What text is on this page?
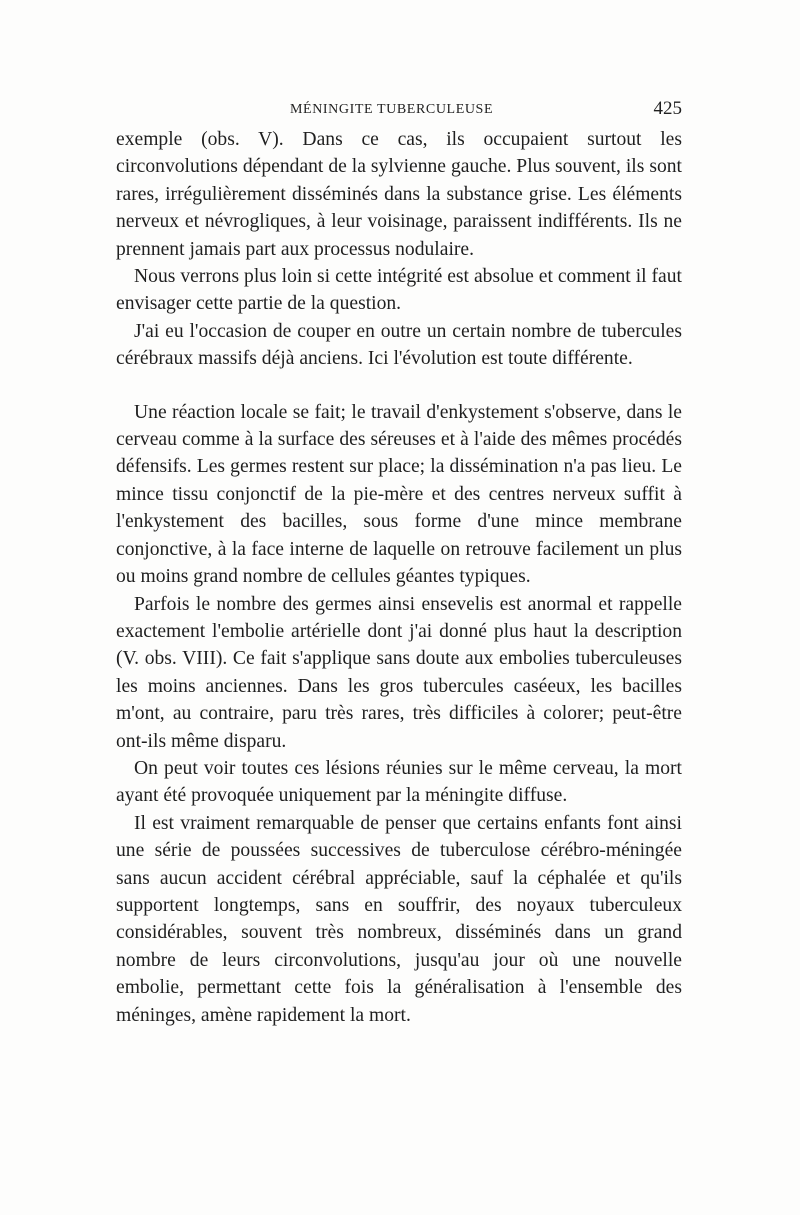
MÉNINGITE TUBERCULEUSE	425

exemple (obs. V). Dans ce cas, ils occupaient surtout les circonvolutions dépendant de la sylvienne gauche. Plus souvent, ils sont rares, irrégulièrement disséminés dans la substance grise. Les éléments nerveux et névrogliques, à leur voisinage, paraissent indifférents. Ils ne prennent jamais part aux processus nodulaire.

Nous verrons plus loin si cette intégrité est absolue et comment il faut envisager cette partie de la question.

J'ai eu l'occasion de couper en outre un certain nombre de tubercules cérébraux massifs déjà anciens. Ici l'évolution est toute différente.

Une réaction locale se fait; le travail d'enkystement s'observe, dans le cerveau comme à la surface des séreuses et à l'aide des mêmes procédés défensifs. Les germes restent sur place; la dissémination n'a pas lieu. Le mince tissu conjonctif de la pie-mère et des centres nerveux suffit à l'enkystement des bacilles, sous forme d'une mince membrane conjonctive, à la face interne de laquelle on retrouve facilement un plus ou moins grand nombre de cellules géantes typiques.

Parfois le nombre des germes ainsi ensevelis est anormal et rappelle exactement l'embolie artérielle dont j'ai donné plus haut la description (V. obs. VIII). Ce fait s'applique sans doute aux embolies tuberculeuses les moins anciennes. Dans les gros tubercules caséeux, les bacilles m'ont, au contraire, paru très rares, très difficiles à colorer; peut-être ont-ils même disparu.

On peut voir toutes ces lésions réunies sur le même cerveau, la mort ayant été provoquée uniquement par la méningite diffuse.

Il est vraiment remarquable de penser que certains enfants font ainsi une série de poussées successives de tuberculose cérébro-méningée sans aucun accident cérébral appréciable, sauf la céphalée et qu'ils supportent longtemps, sans en souffrir, des noyaux tuberculeux considérables, souvent très nombreux, disséminés dans un grand nombre de leurs circonvolutions, jusqu'au jour où une nouvelle embolie, permettant cette fois la généralisation à l'ensemble des méninges, amène rapidement la mort.
